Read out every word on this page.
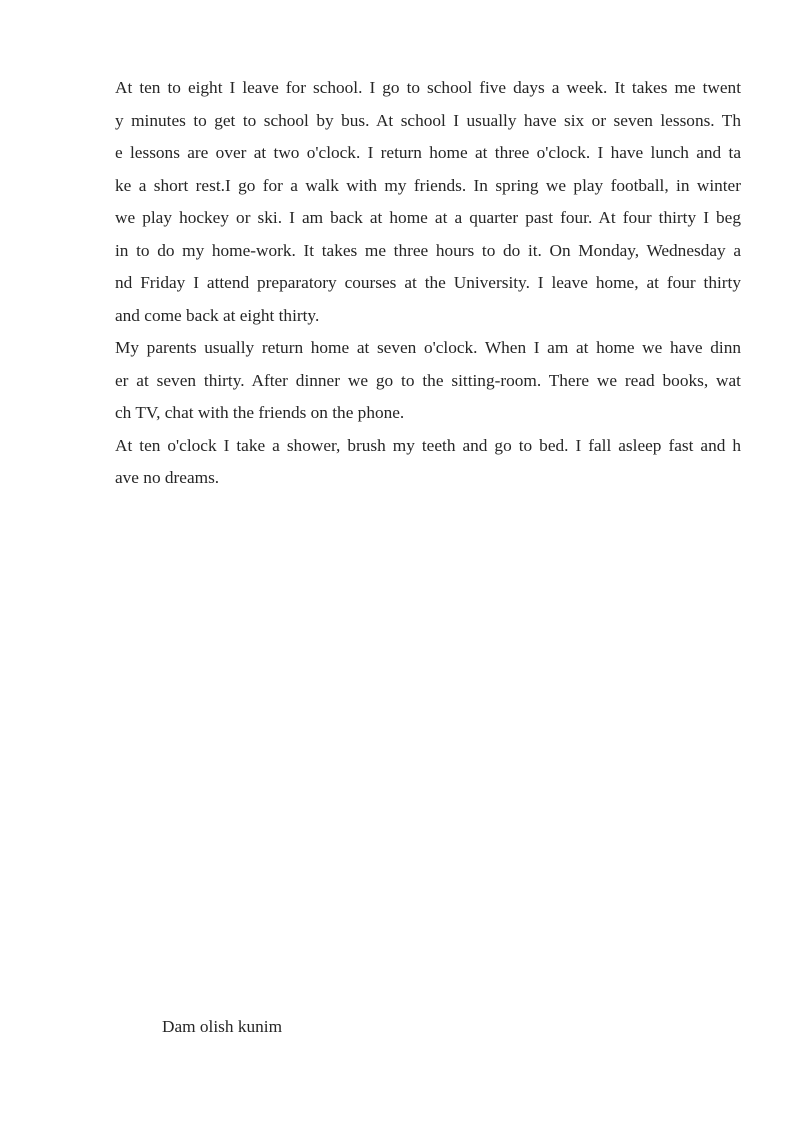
At ten to eight I leave for school. I go to school five days a week. It takes me twent
y minutes to get to school by bus. At school I usually have six or seven lessons. Th
e lessons are over at two o'clock. I return home at three o'clock. I have lunch and ta
ke a short rest.I go for a walk with my friends. In spring we play football, in winter
we play hockey or ski. I am back at home at a quarter past four. At four thirty I beg
in to do my home-work. It takes me three hours to do it. On Monday, Wednesday a
nd Friday I attend preparatory courses at the University. I leave home, at four thirty
and come back at eight thirty.
My parents usually return home at seven o'clock. When I am at home we have dinn
er at seven thirty. After dinner we go to the sitting-room. There we read books, wat
ch TV, chat with the friends on the phone.
At ten o'clock I take a shower, brush my teeth and go to bed. I fall asleep fast and h
ave no dreams.

Dam olish kunim
